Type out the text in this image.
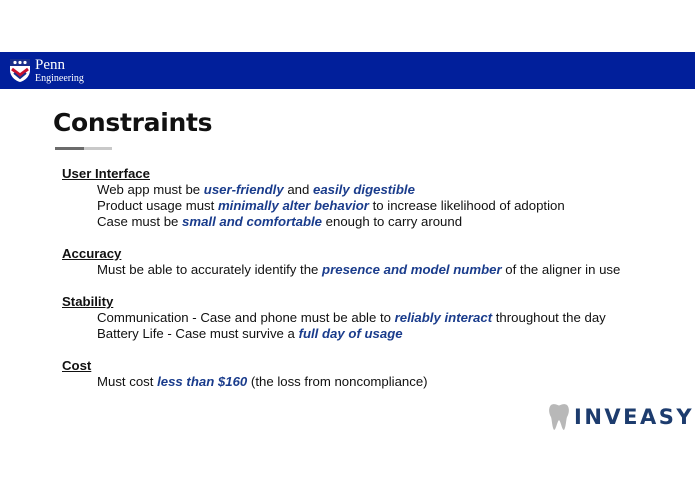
Penn
Engineering
Constraints
User Interface
Web app must be user-friendly and easily digestible
Product usage must minimally alter behavior to increase likelihood of adoption
Case must be small and comfortable enough to carry around
Accuracy
Must be able to accurately identify the presence and model number of the aligner in use
Stability
Communication - Case and phone must be able to reliably interact throughout the day
Battery Life - Case must survive a full day of usage
Cost
Must cost less than $160 (the loss from noncompliance)
INVEASY
